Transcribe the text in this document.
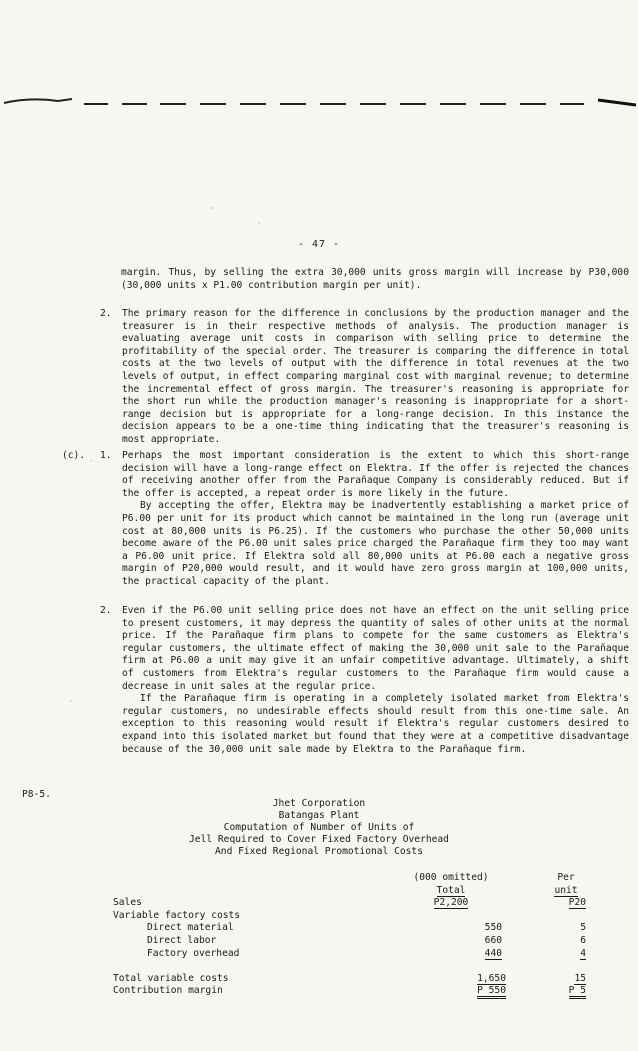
- 47 -

margin. Thus, by selling the extra 30,000 units gross margin will increase by P30,000 (30,000 units x P1.00 contribution margin per unit).

2. The primary reason for the difference in conclusions by the production manager and the treasurer is in their respective methods of analysis. The production manager is evaluating average unit costs in comparison with selling price to determine the profitability of the special order. The treasurer is comparing the difference in total costs at the two levels of output with the difference in total revenues at the two levels of output, in effect comparing marginal cost with marginal revenue; to determine the incremental effect of gross margin. The treasurer's reasoning is appropriate for the short run while the production manager's reasoning is inappropriate for a short-range decision but is appropriate for a long-range decision. In this instance the decision appears to be a one-time thing indicating that the treasurer's reasoning is most appropriate.

(c). 1. Perhaps the most important consideration is the extent to which this short-range decision will have a long-range effect on Elektra. If the offer is rejected the chances of receiving another offer from the Parañaque Company is considerably reduced. But if the offer is accepted, a repeat order is more likely in the future.

By accepting the offer, Elektra may be inadvertently establishing a market price of P6.00 per unit for its product which cannot be maintained in the long run (average unit cost at 80,000 units is P6.25). If the customers who purchase the other 50,000 units become aware of the P6.00 unit sales price charged the Parañaque firm they too may want a P6.00 unit price. If Elektra sold all 80,000 units at P6.00 each a negative gross margin of P20,000 would result, and it would have zero gross margin at 100,000 units, the practical capacity of the plant.

2. Even if the P6.00 unit selling price does not have an effect on the unit selling price to present customers, it may depress the quantity of sales of other units at the normal price. If the Parañaque firm plans to compete for the same customers as Elektra's regular customers, the ultimate effect of making the 30,000 unit sale to the Parañaque firm at P6.00 a unit may give it an unfair competitive advantage. Ultimately, a shift of customers from Elektra's regular customers to the Parañaque firm would cause a decrease in unit sales at the regular price.

If the Parañaque firm is operating in a completely isolated market from Elektra's regular customers, no undesirable effects should result from this one-time sale. An exception to this reasoning would result if Elektra's regular customers desired to expand into this isolated market but found that they were at a competitive disadvantage because of the 30,000 unit sale made by Elektra to the Parañaque firm.

P8-5.
Jhet Corporation
Batangas Plant
Computation of Number of Units of
Jell Required to Cover Fixed Factory Overhead
And Fixed Regional Promotional Costs
	(000 omitted)		Per
	Total		unit
Sales	P2,200		P20
Variable factory costs			
Direct material	550		5
Direct labor	660		6
Factory overhead	440		4

Total variable costs	1,650		15
Contribution margin	P 550		P 5
